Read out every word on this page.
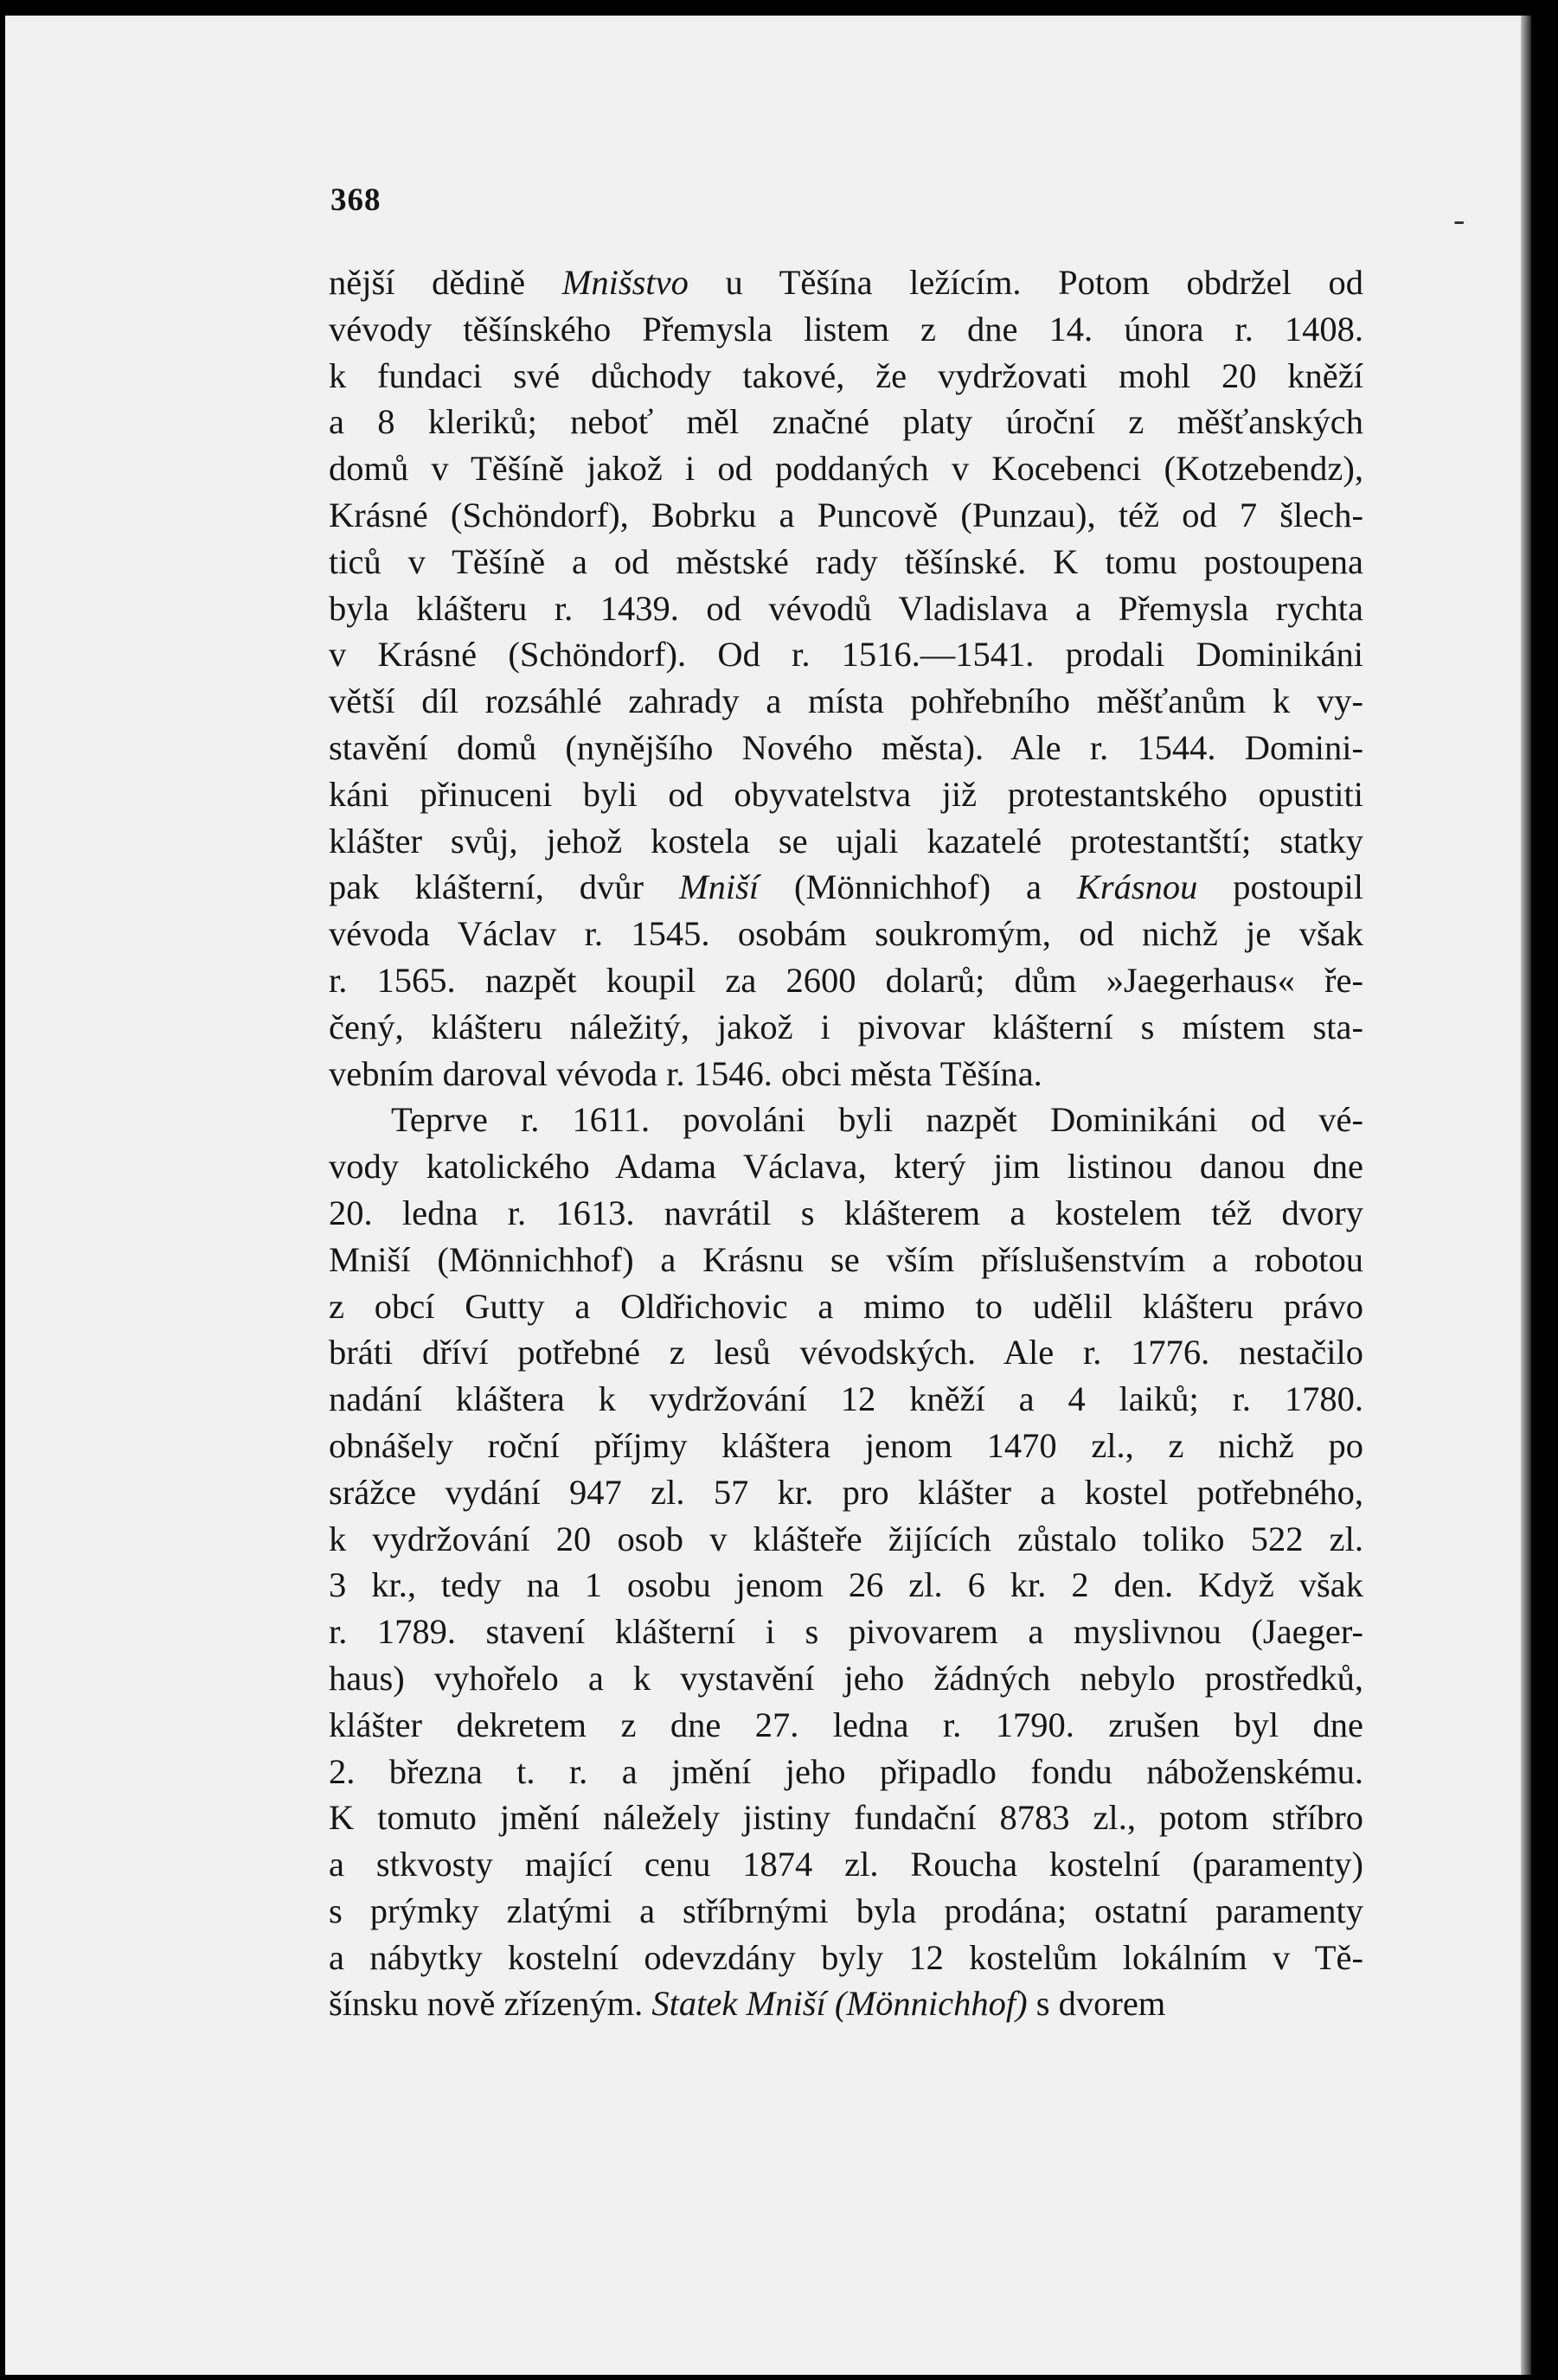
-
368
nější dědině Mnišstvo u Těšína ležícím. Potom obdržel od
vévody těšínského Přemysla listem z dne 14. února r. 1408.
k fundaci své důchody takové, že vydržovati mohl 20 kněží
a 8 kleriků; neboť měl značné platy úroční z měšťanských
domů v Těšíně jakož i od poddaných v Kocebenci (Kotzebendz),
Krásné (Schöndorf), Bobrku a Puncově (Punzau), též od 7 šlech-
ticů v Těšíně a od městské rady těšínské. K tomu postoupena
byla klášteru r. 1439. od vévodů Vladislava a Přemysla rychta
v Krásné (Schöndorf). Od r. 1516.—1541. prodali Dominikáni
větší díl rozsáhlé zahrady a místa pohřebního měšťanům k vy-
stavění domů (nynějšího Nového města). Ale r. 1544. Domini-
káni přinuceni byli od obyvatelstva již protestantského opustiti
klášter svůj, jehož kostela se ujali kazatelé protestantští; statky
pak klášterní, dvůr Mniší (Mönnichhof) a Krásnou postoupil
vévoda Václav r. 1545. osobám soukromým, od nichž je však
r. 1565. nazpět koupil za 2600 dolarů; dům »Jaegerhaus« ře-
čený, klášteru náležitý, jakož i pivovar klášterní s místem sta-
vebním daroval vévoda r. 1546. obci města Těšína.
Teprve r. 1611. povoláni byli nazpět Dominikáni od vé-
vody katolického Adama Václava, který jim listinou danou dne
20. ledna r. 1613. navrátil s klášterem a kostelem též dvory
Mniší (Mönnichhof) a Krásnu se vším příslušenstvím a robotou
z obcí Gutty a Oldřichovic a mimo to udělil klášteru právo
bráti dříví potřebné z lesů vévodských. Ale r. 1776. nestačilo
nadání kláštera k vydržování 12 kněží a 4 laiků; r. 1780.
obnášely roční příjmy kláštera jenom 1470 zl., z nichž po
srážce vydání 947 zl. 57 kr. pro klášter a kostel potřebného,
k vydržování 20 osob v klášteře žijících zůstalo toliko 522 zl.
3 kr., tedy na 1 osobu jenom 26 zl. 6 kr. 2 den. Když však
r. 1789. stavení klášterní i s pivovarem a myslivnou (Jaeger-
haus) vyhořelo a k vystavění jeho žádných nebylo prostředků,
klášter dekretem z dne 27. ledna r. 1790. zrušen byl dne
2. března t. r. a jmění jeho připadlo fondu náboženskému.
K tomuto jmění náležely jistiny fundační 8783 zl., potom stříbro
a stkvosty mající cenu 1874 zl. Roucha kostelní (paramenty)
s prýmky zlatými a stříbrnými byla prodána; ostatní paramenty
a nábytky kostelní odevzdány byly 12 kostelům lokálním v Tě-
šínsku nově zřízeným. Statek Mniší (Mönnichhof) s dvorem
